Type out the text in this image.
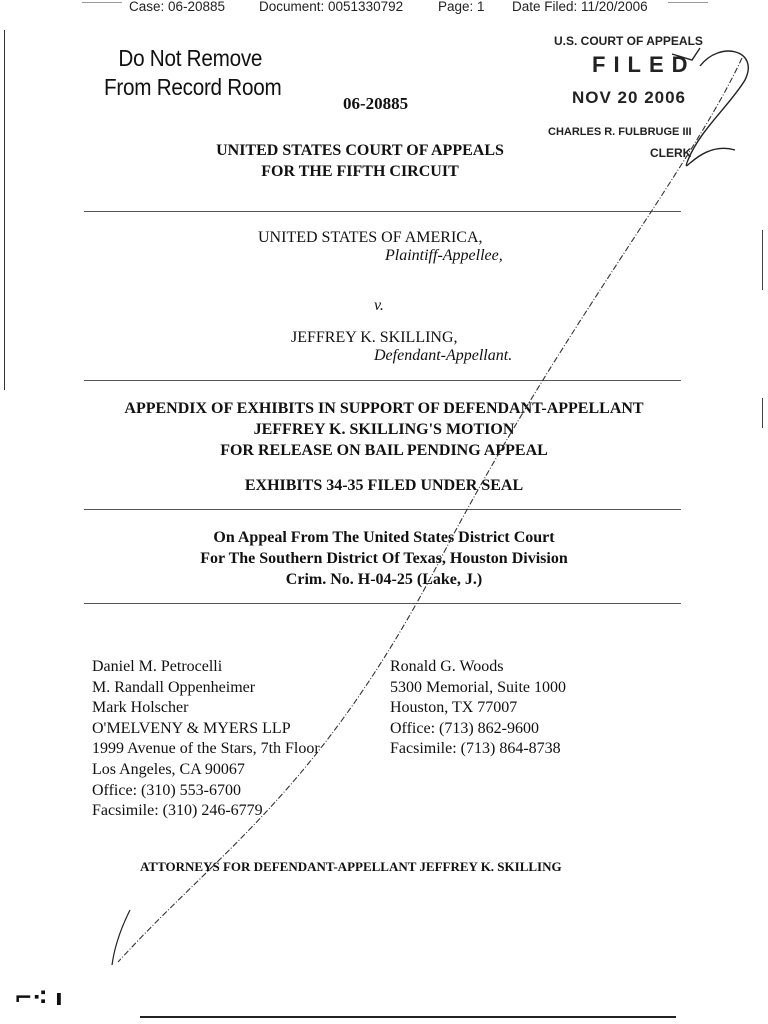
Case: 06-20885	Document: 0051330792	Page: 1 Date Filed: 11/20/2006
Do Not Remove
From Record Room
06-20885
U.S. COURT OF APPEALS
FILED
NOV 20 2006
CHARLES R. FULBRUGE III
CLERK
UNITED STATES COURT OF APPEALS
FOR THE FIFTH CIRCUIT
UNITED STATES OF AMERICA,
Plaintiff-Appellee,
v.
JEFFREY K. SKILLING,
Defendant-Appellant.
APPENDIX OF EXHIBITS IN SUPPORT OF DEFENDANT-APPELLANT
JEFFREY K. SKILLING'S MOTION
FOR RELEASE ON BAIL PENDING APPEAL
EXHIBITS 34-35 FILED UNDER SEAL
On Appeal From The United States District Court
For The Southern District Of Texas, Houston Division
Crim. No. H-04-25 (Lake, J.)
Daniel M. Petrocelli
M. Randall Oppenheimer
Mark Holscher
O'MELVENY & MYERS LLP
1999 Avenue of the Stars, 7th Floor
Los Angeles, CA 90067
Office: (310) 553-6700
Facsimile: (310) 246-6779
Ronald G. Woods
5300 Memorial, Suite 1000
Houston, TX 77007
Office: (713) 862-9600
Facsimile: (713) 864-8738
ATTORNEYS FOR DEFENDANT-APPELLANT JEFFREY K. SKILLING
⌐⁖ ı
